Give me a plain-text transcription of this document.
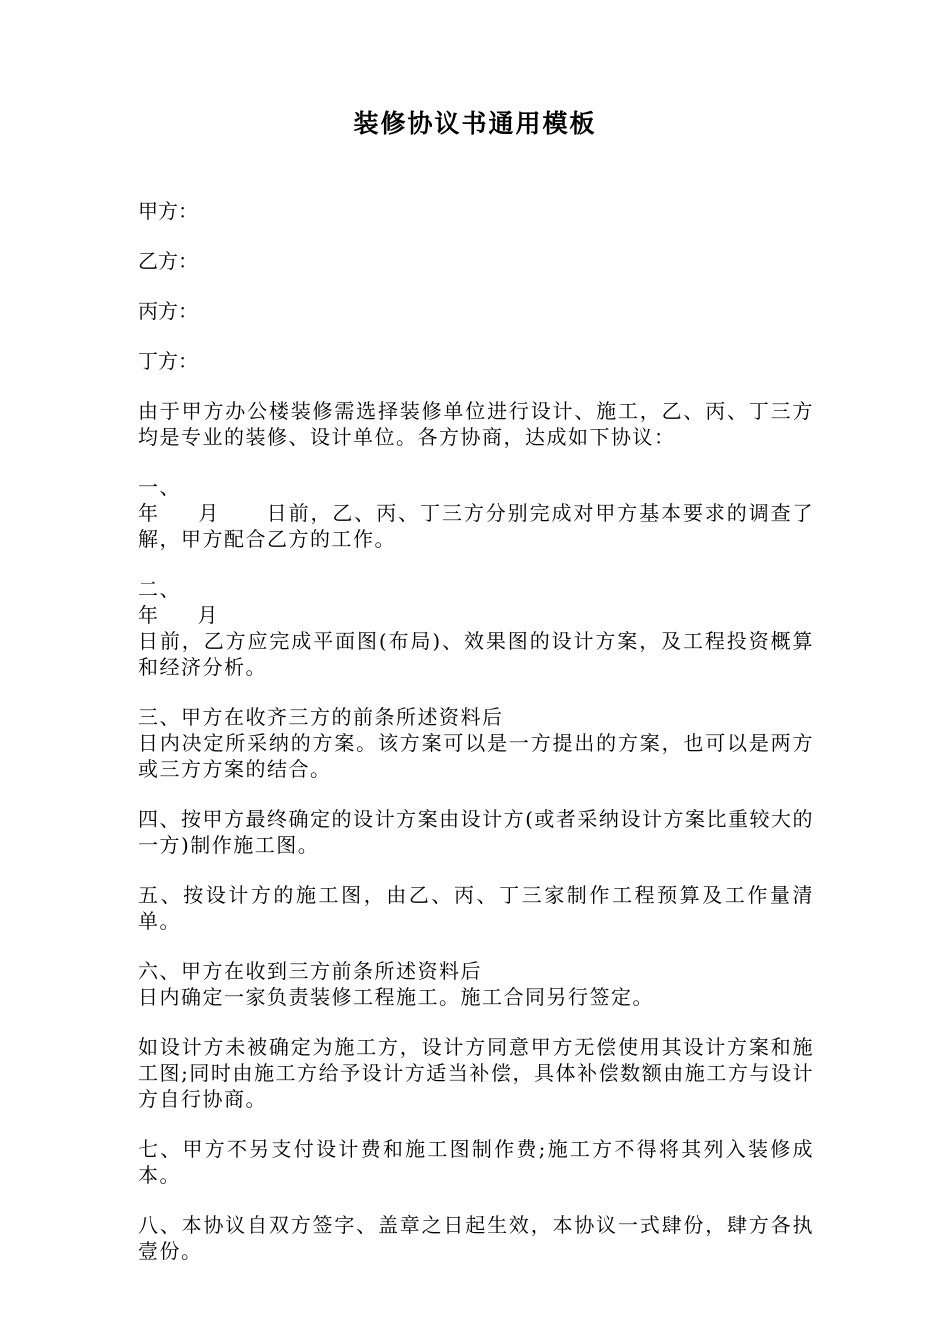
装修协议书通用模板
甲方：
乙方：
丙方：
丁方：
由于甲方办公楼装修需选择装修单位进行设计、施工，乙、丙、丁三方均是专业的装修、设计单位。各方协商，达成如下协议：
一、
年 月 日前，乙、丙、丁三方分别完成对甲方基本要求的调查了解，甲方配合乙方的工作。
二、
年 月
日前，乙方应完成平面图(布局)、效果图的设计方案，及工程投资概算和经济分析。
三、甲方在收齐三方的前条所述资料后
日内决定所采纳的方案。该方案可以是一方提出的方案，也可以是两方或三方方案的结合。
四、按甲方最终确定的设计方案由设计方(或者采纳设计方案比重较大的一方)制作施工图。
五、按设计方的施工图，由乙、丙、丁三家制作工程预算及工作量清单。
六、甲方在收到三方前条所述资料后
日内确定一家负责装修工程施工。施工合同另行签定。
如设计方未被确定为施工方，设计方同意甲方无偿使用其设计方案和施工图;同时由施工方给予设计方适当补偿，具体补偿数额由施工方与设计方自行协商。
七、甲方不另支付设计费和施工图制作费;施工方不得将其列入装修成本。
八、本协议自双方签字、盖章之日起生效，本协议一式肆份，肆方各执壹份。
